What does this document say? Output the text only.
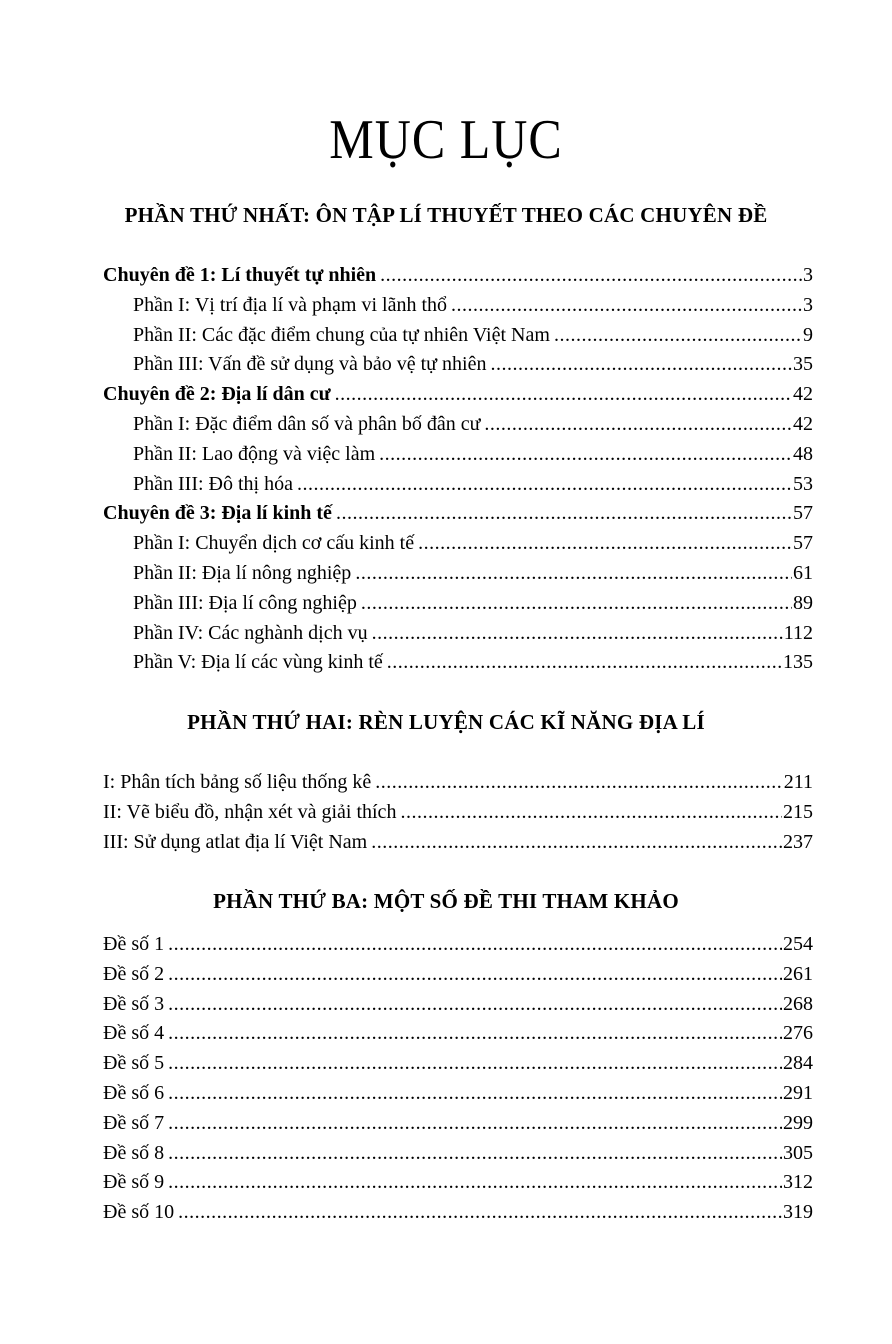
MỤC LỤC
PHẦN THỨ NHẤT: ÔN TẬP LÍ THUYẾT THEO CÁC CHUYÊN ĐỀ
Chuyên đề 1: Lí thuyết tự nhiên .....	3
Phần I: Vị trí địa lí và phạm vi lãnh thổ .....	3
Phần II: Các đặc điểm chung của tự nhiên Việt Nam .....	9
Phần III: Vấn đề sử dụng và bảo vệ tự nhiên .....	35
Chuyên đề 2: Địa lí dân cư .....	42
Phần I: Đặc điểm dân số và phân bố đân cư .....	42
Phần II: Lao động và việc làm .....	48
Phần III: Đô thị hóa .....	53
Chuyên đề 3: Địa lí kinh tế .....	57
Phần I: Chuyển dịch cơ cấu kinh tế .....	57
Phần II: Địa lí nông nghiệp .....	61
Phần III: Địa lí công nghiệp .....	89
Phần IV: Các nghành dịch vụ .....	112
Phần V: Địa lí các vùng kinh tế .....	135
PHẦN THỨ HAI: RÈN LUYỆN CÁC KĨ NĂNG ĐỊA LÍ
I: Phân tích bảng số liệu thống kê .....	211
II: Vẽ biểu đồ, nhận xét và giải thích .....	215
III: Sử dụng atlat địa lí Việt Nam .....	237
PHẦN THỨ BA: MỘT SỐ ĐỀ THI THAM KHẢO
Đề số 1 .....	254
Đề số 2 .....	261
Đề số 3 .....	268
Đề số 4 .....	276
Đề số 5 .....	284
Đề số 6 .....	291
Đề số 7 .....	299
Đề số 8 .....	305
Đề số 9 .....	312
Đề số 10 .....	319
